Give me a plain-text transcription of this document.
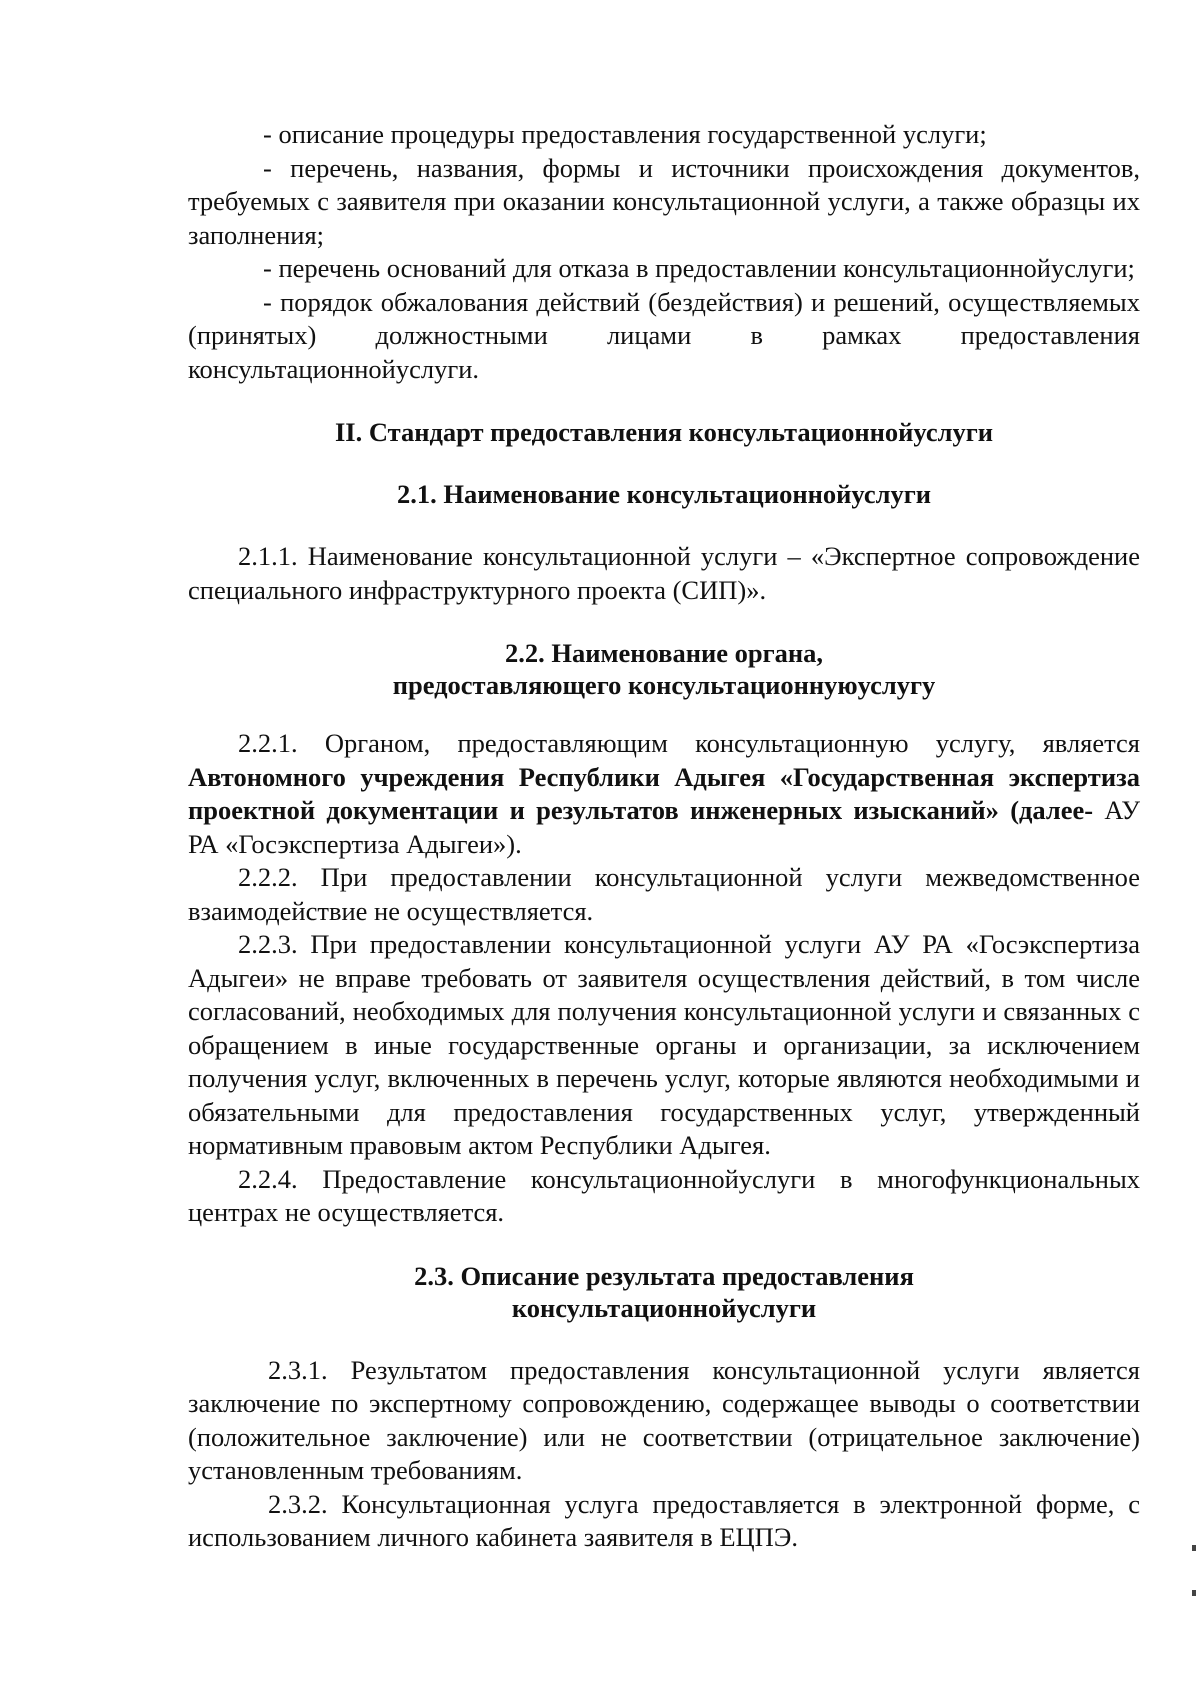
- описание процедуры предоставления государственной услуги;

- перечень, названия, формы и источники происхождения документов, требуемых с заявителя при оказании консультационной услуги, а также образцы их заполнения;

- перечень оснований для отказа в предоставлении консультационнойуслуги;

- порядок обжалования действий (бездействия) и решений, осуществляемых (принятых) должностными лицами в рамках предоставления консультационнойуслуги.

II. Стандарт предоставления консультационнойуслуги
2.1. Наименование консультационнойуслуги

2.1.1. Наименование консультационной услуги – «Экспертное сопровождение специального инфраструктурного проекта (СИП)».

2.2. Наименование органа,
предоставляющего консультационнуюуслугу

2.2.1. Органом, предоставляющим консультационную услугу, является Автономного учреждения Республики Адыгея «Государственная экспертиза проектной документации и результатов инженерных изысканий» (далее- АУ РА «Госэкспертиза Адыгеи»).

2.2.2. При предоставлении консультационной услуги межведомственное взаимодействие не осуществляется.

2.2.3. При предоставлении консультационной услуги АУ РА «Госэкспертиза Адыгеи» не вправе требовать от заявителя осуществления действий, в том числе согласований, необходимых для получения консультационной услуги и связанных с обращением в иные государственные органы и организации, за исключением получения услуг, включенных в перечень услуг, которые являются необходимыми и обязательными для предоставления государственных услуг, утвержденный нормативным правовым актом Республики Адыгея.

2.2.4. Предоставление консультационнойуслуги в многофункциональных центрах не осуществляется.

2.3. Описание результата предоставления
консультационнойуслуги

2.3.1. Результатом предоставления консультационной услуги является заключение по экспертному сопровождению, содержащее выводы о соответствии (положительное заключение) или не соответствии (отрицательное заключение) установленным требованиям.

2.3.2. Консультационная услуга предоставляется в электронной форме, с использованием личного кабинета заявителя в ЕЦПЭ.
